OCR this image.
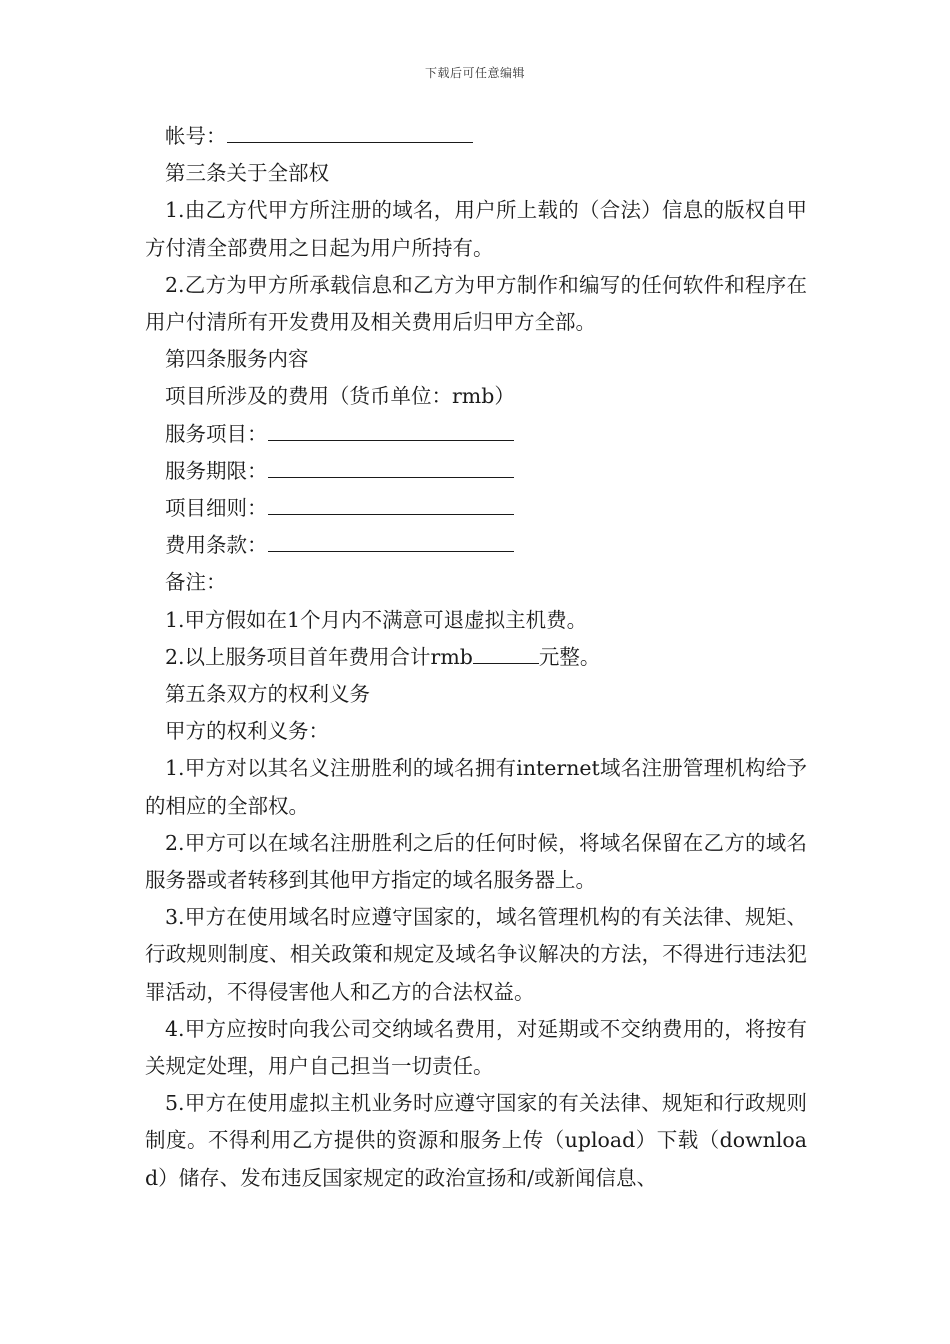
下载后可任意编辑

帐号：

第三条关于全部权

1.由乙方代甲方所注册的域名，用户所上载的（合法）信息的版权自甲方付清全部费用之日起为用户所持有。

2.乙方为甲方所承载信息和乙方为甲方制作和编写的任何软件和程序在用户付清所有开发费用及相关费用后归甲方全部。

第四条服务内容

项目所涉及的费用（货币单位：rmb）

服务项目：

服务期限：

项目细则：

费用条款：

备注：

1.甲方假如在1个月内不满意可退虚拟主机费。

2.以上服务项目首年费用合计rmb	元整。

第五条双方的权利义务

甲方的权利义务：

1.甲方对以其名义注册胜利的域名拥有internet域名注册管理机构给予的相应的全部权。

2.甲方可以在域名注册胜利之后的任何时候，将域名保留在乙方的域名服务器或者转移到其他甲方指定的域名服务器上。

3.甲方在使用域名时应遵守国家的，域名管理机构的有关法律、规矩、行政规则制度、相关政策和规定及域名争议解决的方法，不得进行违法犯罪活动，不得侵害他人和乙方的合法权益。

4.甲方应按时向我公司交纳域名费用，对延期或不交纳费用的，将按有关规定处理，用户自己担当一切责任。

5.甲方在使用虚拟主机业务时应遵守国家的有关法律、规矩和行政规则制度。不得利用乙方提供的资源和服务上传（upload）下载（download）储存、发布违反国家规定的政治宣扬和/或新闻信息、
